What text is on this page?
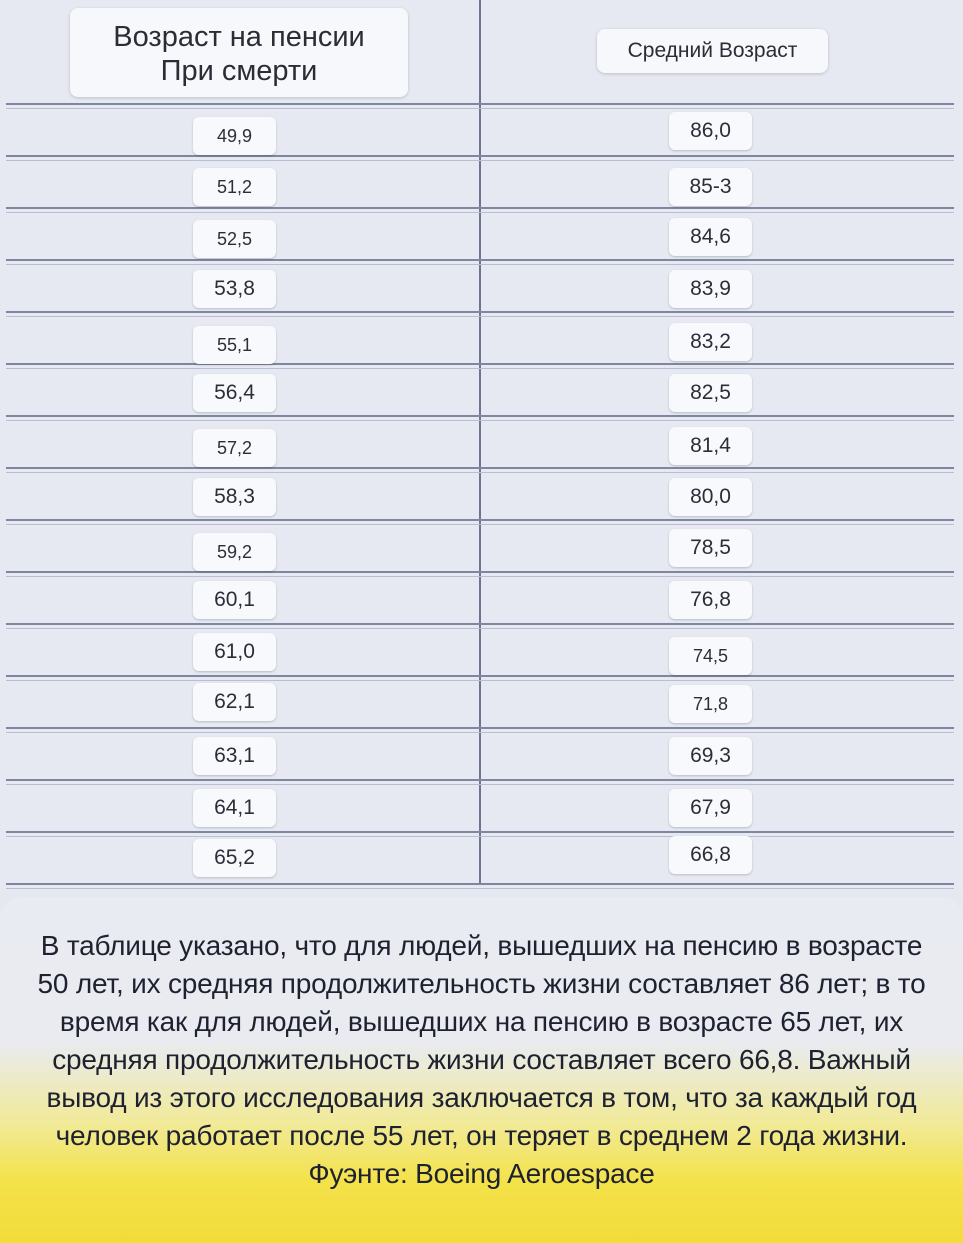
Возраст на пенсии
При смерти
Средний Возраст
49,9
51,2
52,5
53,8
55,1
56,4
57,2
58,3
59,2
60,1
61,0
62,1
63,1
64,1
65,2
86,0
85-3
84,6
83,9
83,2
82,5
81,4
80,0
78,5
76,8
74,5
71,8
69,3
67,9
66,8

В таблице указано, что для людей, вышедших на пенсию в возрасте 50 лет, их средняя продолжительность жизни составляет 86 лет; в то время как для людей, вышедших на пенсию в возрасте 65 лет, их средняя продолжительность жизни составляет всего 66,8. Важный вывод из этого исследования заключается в том, что за каждый год человек работает после 55 лет, он теряет в среднем 2 года жизни.
Фуэнте: Boeing Aeroespace
